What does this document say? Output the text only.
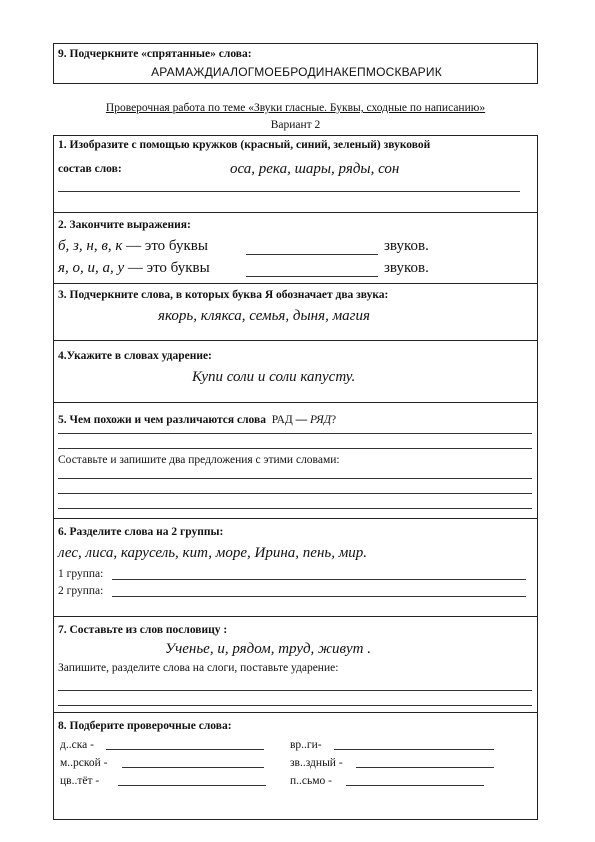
9. Подчеркните «спрятанные» слова:
АРАМАЖДИАЛОГМОЕБРОДИНАКЕПМОСКВАРИК
Проверочная работа по теме «Звуки гласные. Буквы, сходные по написанию»
Вариант 2
1. Изобразите с помощью кружков (красный, синий, зеленый) звуковой
состав слов:	оса, река, шары, ряды, сон
2. Закончите выражения:
б, з, н, в, к — это буквы	звуков.
я, о, и, а, у — это буквы	звуков.
3. Подчеркните слова, в которых буква Я обозначает два звука:
якорь, клякса, семья, дыня, магия
4.Укажите в словах ударение:
Купи соли и соли капусту.
5. Чем похожи и чем различаются слова РАД — РЯД?
Составьте и запишите два предложения с этими словами:
6. Разделите слова на 2 группы:
лес, лиса, карусель, кит, море, Ирина, пень, мир.
1 группа:
2 группа:
7. Составьте из слов пословицу :
Ученье, и, рядом, труд, живут .
Запишите, разделите слова на слоги, поставьте ударение:
8. Подберите проверочные слова:
д..ска -	вр..ги-
м..рской -	зв..здный -
цв..тёт -	п..сьмо -
